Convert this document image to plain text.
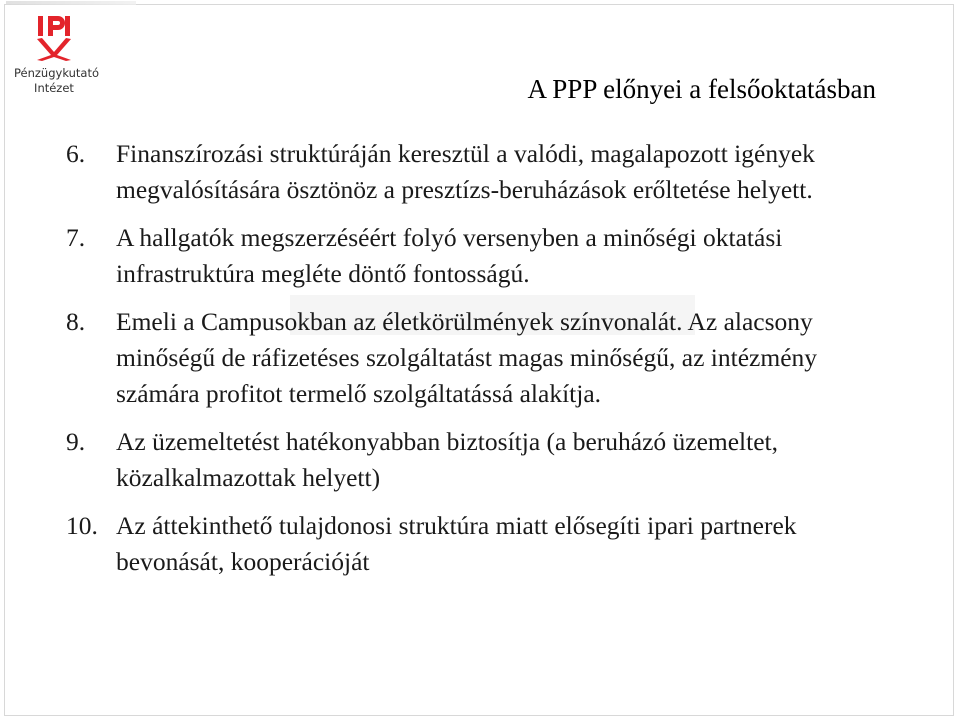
Pénzügykutató
Intézet	A PPP előnyei a felsőoktatásban
6.	Finanszírozási struktúráján keresztül a valódi, magalapozott igények megvalósítására ösztönöz a presztízs-beruházások erőltetése helyett.
7.	A hallgatók megszerzéséért folyó versenyben a minőségi oktatási infrastruktúra megléte döntő fontosságú.
8.	Emeli a Campusokban az életkörülmények színvonalát. Az alacsony minőségű de ráfizetéses szolgáltatást magas minőségű, az intézmény számára profitot termelő szolgáltatássá alakítja.
9.	Az üzemeltetést hatékonyabban biztosítja (a beruházó üzemeltet, közalkalmazottak helyett)
10. Az áttekinthető tulajdonosi struktúra miatt elősegíti ipari partnerek bevonását, kooperációját
